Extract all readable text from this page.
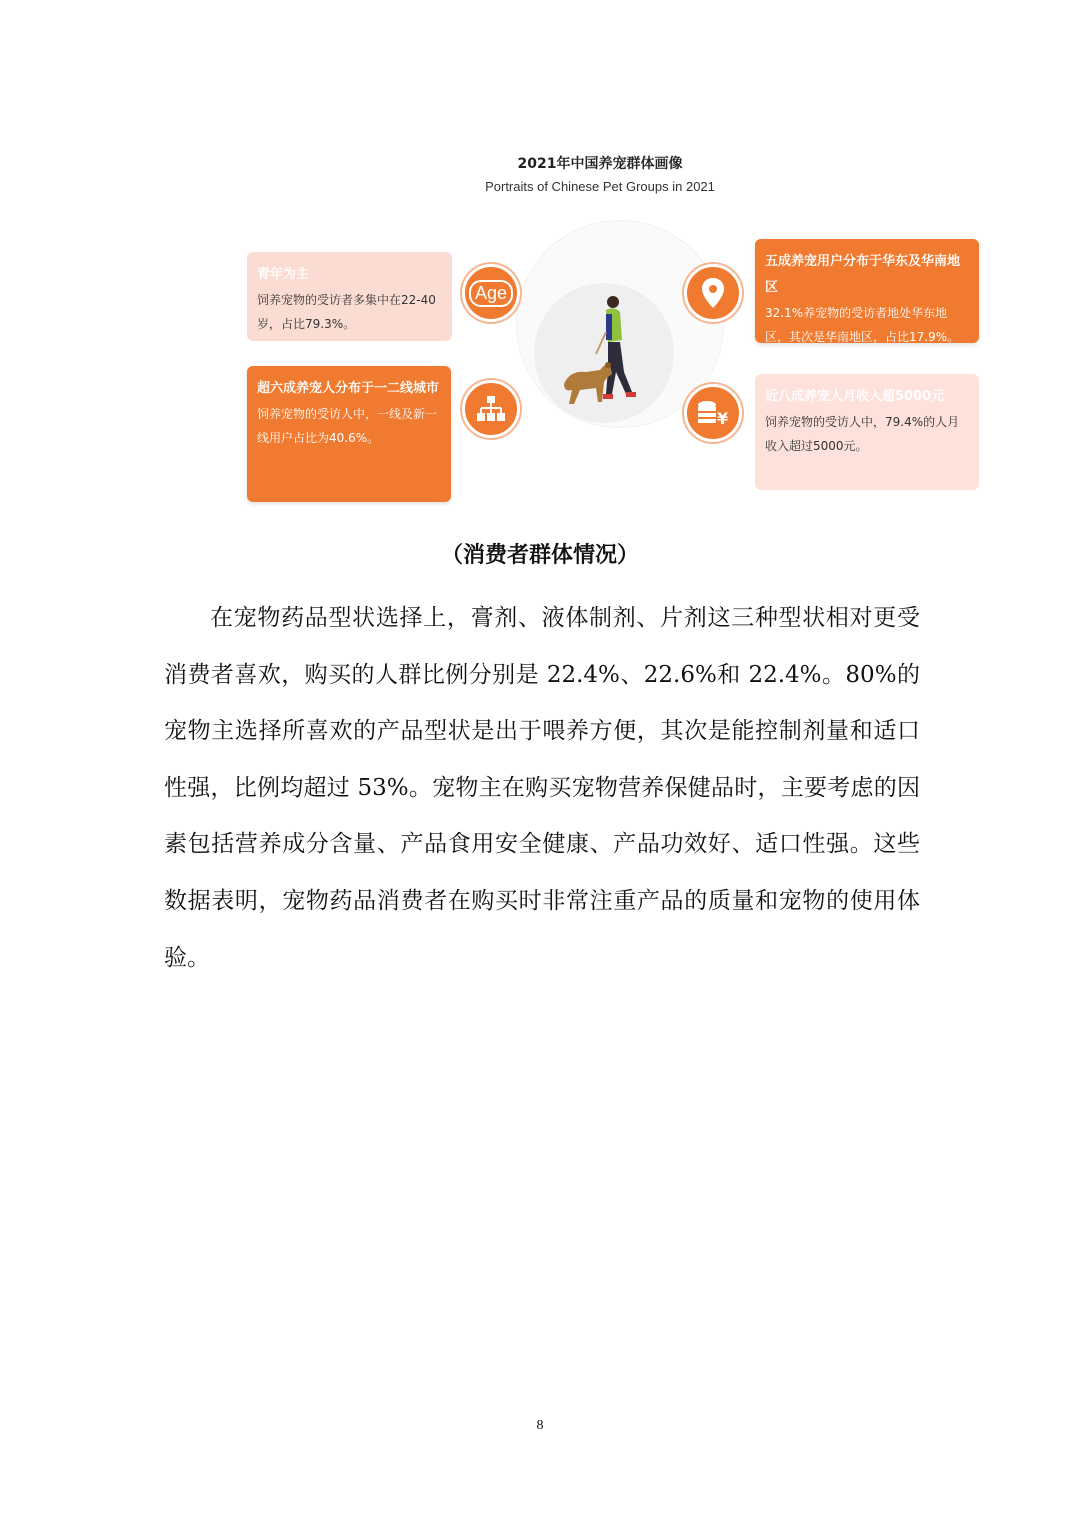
2021年中国养宠群体画像
Portraits of Chinese Pet Groups in 2021
青年为主
饲养宠物的受访者多集中在22-40岁，占比79.3%。
Age
五成养宠用户分布于华东及华南地区
32.1%养宠物的受访者地处华东地区，其次是华南地区，占比17.9%。
超六成养宠人分布于一二线城市
饲养宠物的受访人中，一线及新一线用户占比为40.6%。
¥
近八成养宠人月收入超5000元
饲养宠物的受访人中，79.4%的人月收入超过5000元。
（消费者群体情况）

在宠物药品型状选择上，膏剂、液体制剂、片剂这三种型状相对更受消费者喜欢，购买的人群比例分别是 22.4%、22.6%和 22.4%。80%的宠物主选择所喜欢的产品型状是出于喂养方便，其次是能控制剂量和适口性强，比例均超过 53%。宠物主在购买宠物营养保健品时，主要考虑的因素包括营养成分含量、产品食用安全健康、产品功效好、适口性强。这些数据表明，宠物药品消费者在购买时非常注重产品的质量和宠物的使用体验。

8
